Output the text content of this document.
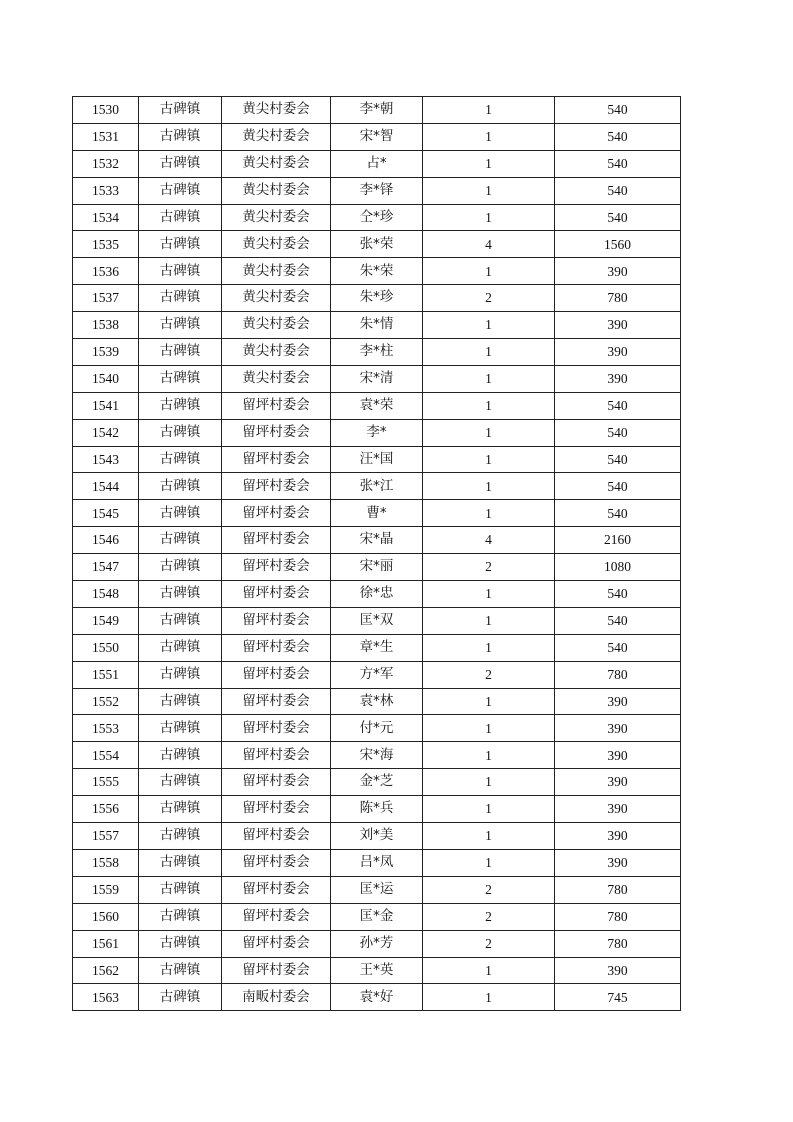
1530	古碑镇	黄尖村委会	李*朝	1	540
1531	古碑镇	黄尖村委会	宋*智	1	540
1532	古碑镇	黄尖村委会	占*	1	540
1533	古碑镇	黄尖村委会	李*铎	1	540
1534	古碑镇	黄尖村委会	仝*珍	1	540
1535	古碑镇	黄尖村委会	张*荣	4	1560
1536	古碑镇	黄尖村委会	朱*荣	1	390
1537	古碑镇	黄尖村委会	朱*珍	2	780
1538	古碑镇	黄尖村委会	朱*情	1	390
1539	古碑镇	黄尖村委会	李*柱	1	390
1540	古碑镇	黄尖村委会	宋*清	1	390
1541	古碑镇	留坪村委会	袁*荣	1	540
1542	古碑镇	留坪村委会	李*	1	540
1543	古碑镇	留坪村委会	汪*国	1	540
1544	古碑镇	留坪村委会	张*江	1	540
1545	古碑镇	留坪村委会	曹*	1	540
1546	古碑镇	留坪村委会	宋*晶	4	2160
1547	古碑镇	留坪村委会	宋*丽	2	1080
1548	古碑镇	留坪村委会	徐*忠	1	540
1549	古碑镇	留坪村委会	匡*双	1	540
1550	古碑镇	留坪村委会	章*生	1	540
1551	古碑镇	留坪村委会	方*军	2	780
1552	古碑镇	留坪村委会	袁*林	1	390
1553	古碑镇	留坪村委会	付*元	1	390
1554	古碑镇	留坪村委会	宋*海	1	390
1555	古碑镇	留坪村委会	金*芝	1	390
1556	古碑镇	留坪村委会	陈*兵	1	390
1557	古碑镇	留坪村委会	刘*美	1	390
1558	古碑镇	留坪村委会	吕*凤	1	390
1559	古碑镇	留坪村委会	匡*运	2	780
1560	古碑镇	留坪村委会	匡*金	2	780
1561	古碑镇	留坪村委会	孙*芳	2	780
1562	古碑镇	留坪村委会	王*英	1	390
1563	古碑镇	南畈村委会	袁*好	1	745
